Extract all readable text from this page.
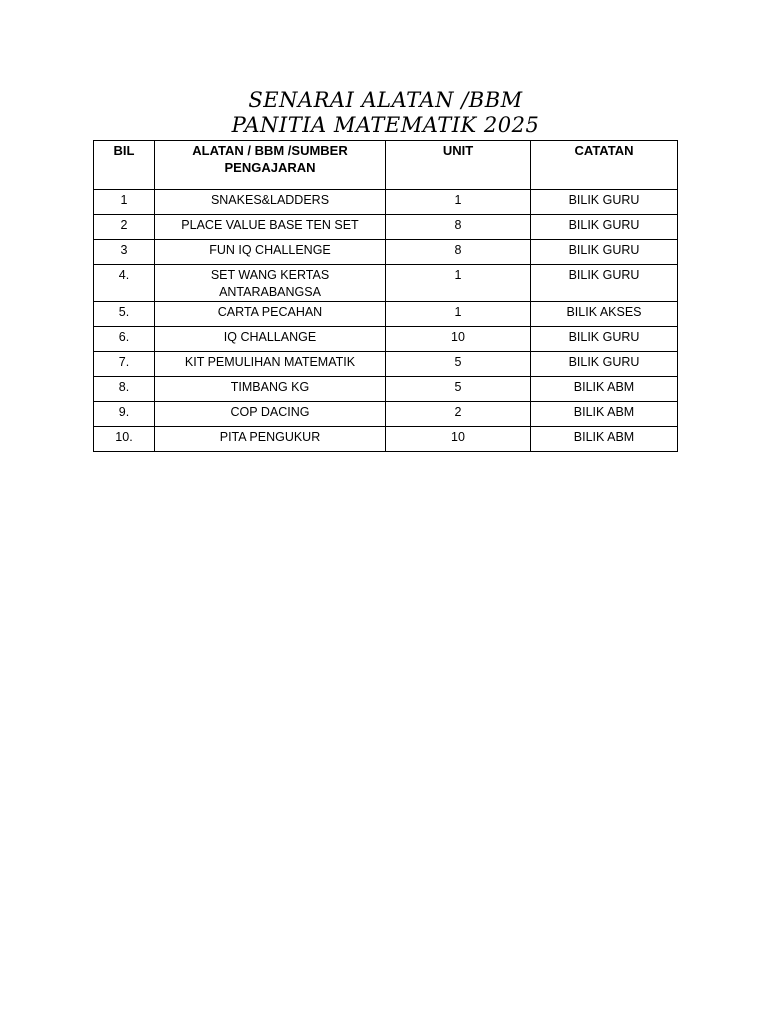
SENARAI ALATAN /BBM
PANITIA MATEMATIK 2025
BIL	ALATAN / BBM /SUMBER PENGAJARAN	UNIT	CATATAN
1	SNAKES&LADDERS	1	BILIK GURU
2	PLACE VALUE BASE TEN SET	8	BILIK GURU
3	FUN IQ CHALLENGE	8	BILIK GURU
4.	SET WANG KERTAS ANTARABANGSA	1	BILIK GURU
5.	CARTA PECAHAN	1	BILIK AKSES
6.	IQ CHALLANGE	10	BILIK GURU
7.	KIT PEMULIHAN MATEMATIK	5	BILIK GURU
8.	TIMBANG KG	5	BILIK ABM
9.	COP DACING	2	BILIK ABM
10.	PITA PENGUKUR	10	BILIK ABM
